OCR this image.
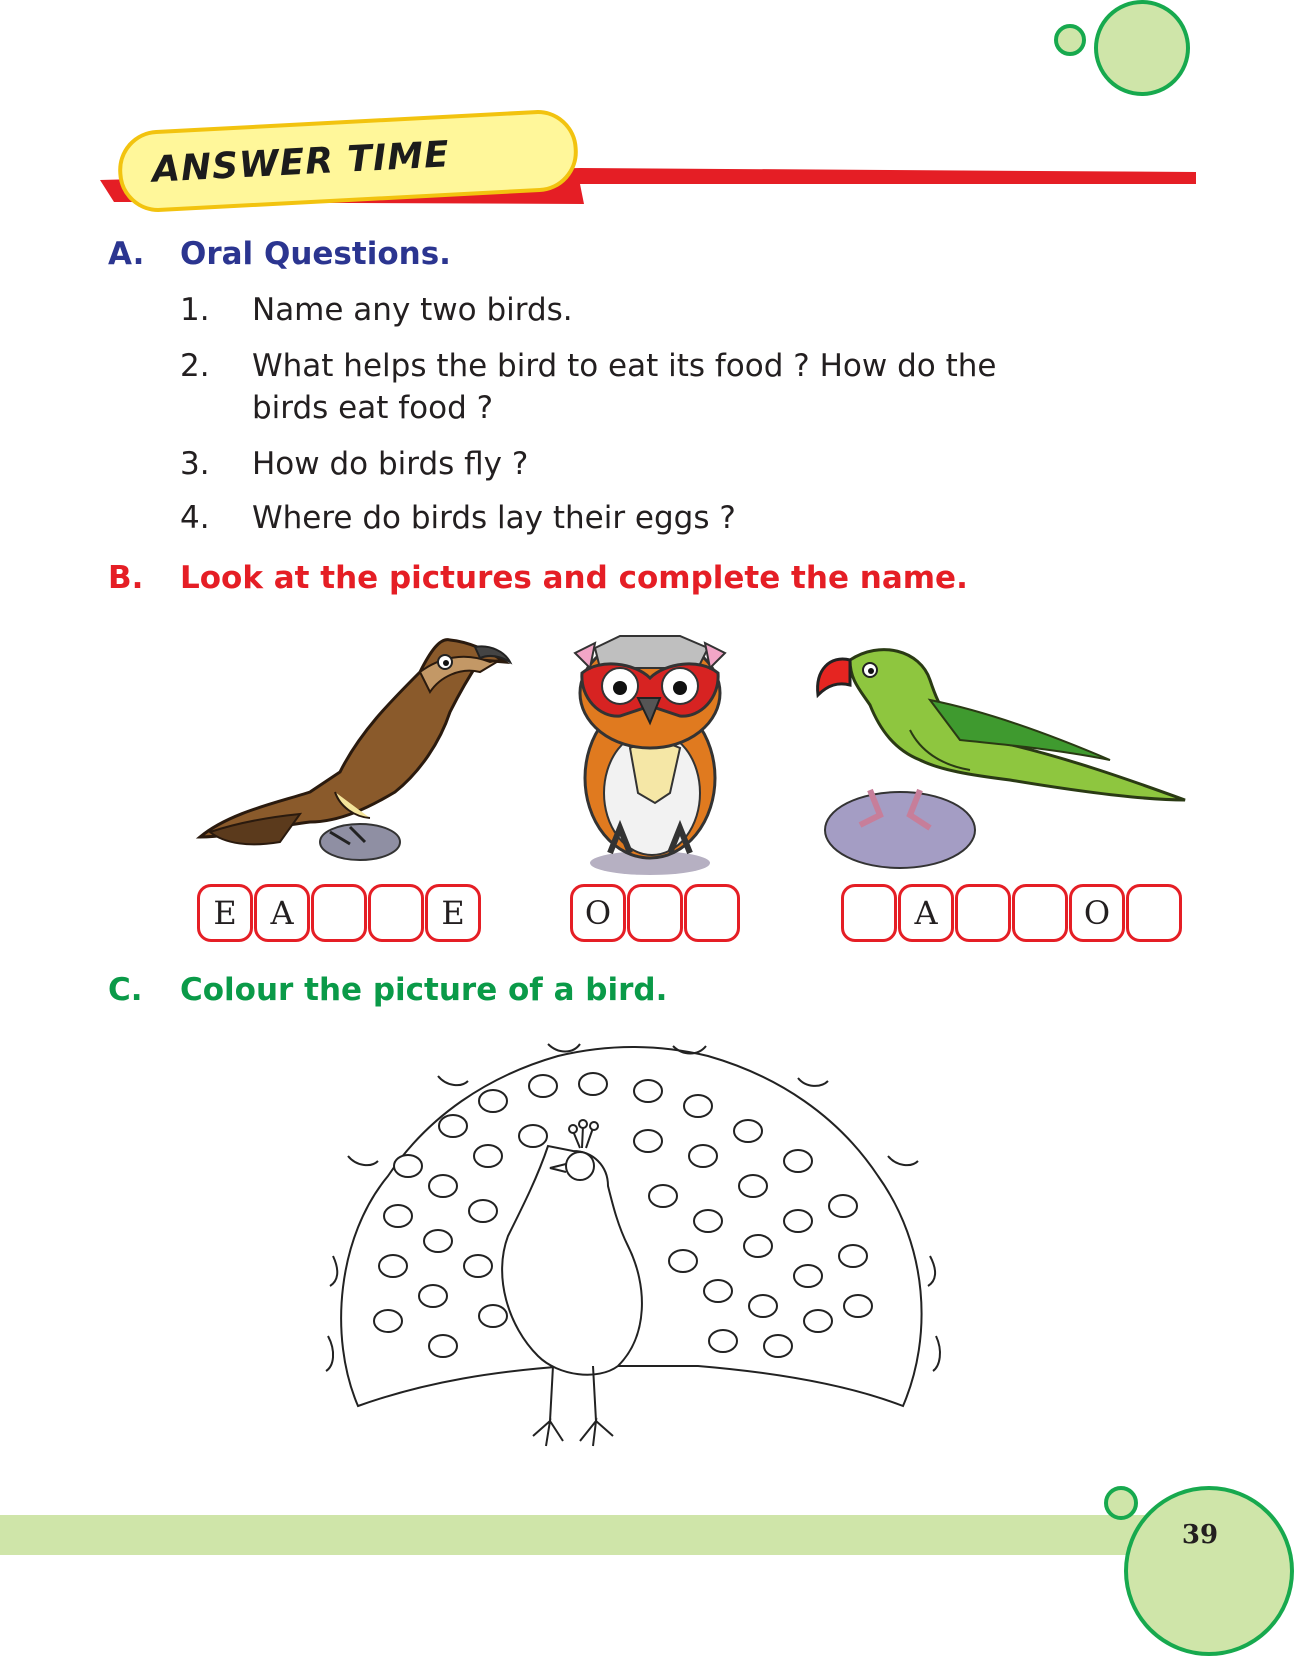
ANSWER TIME
A. Oral Questions.
1. Name any two birds.
2. What helps the bird to eat its food ? How do the
birds eat food ?
3. How do birds fly ?
4. Where do birds lay their eggs ?
B. Look at the pictures and complete the name.
E	A	E	O	A	O
C. Colour the picture of a bird.
39
